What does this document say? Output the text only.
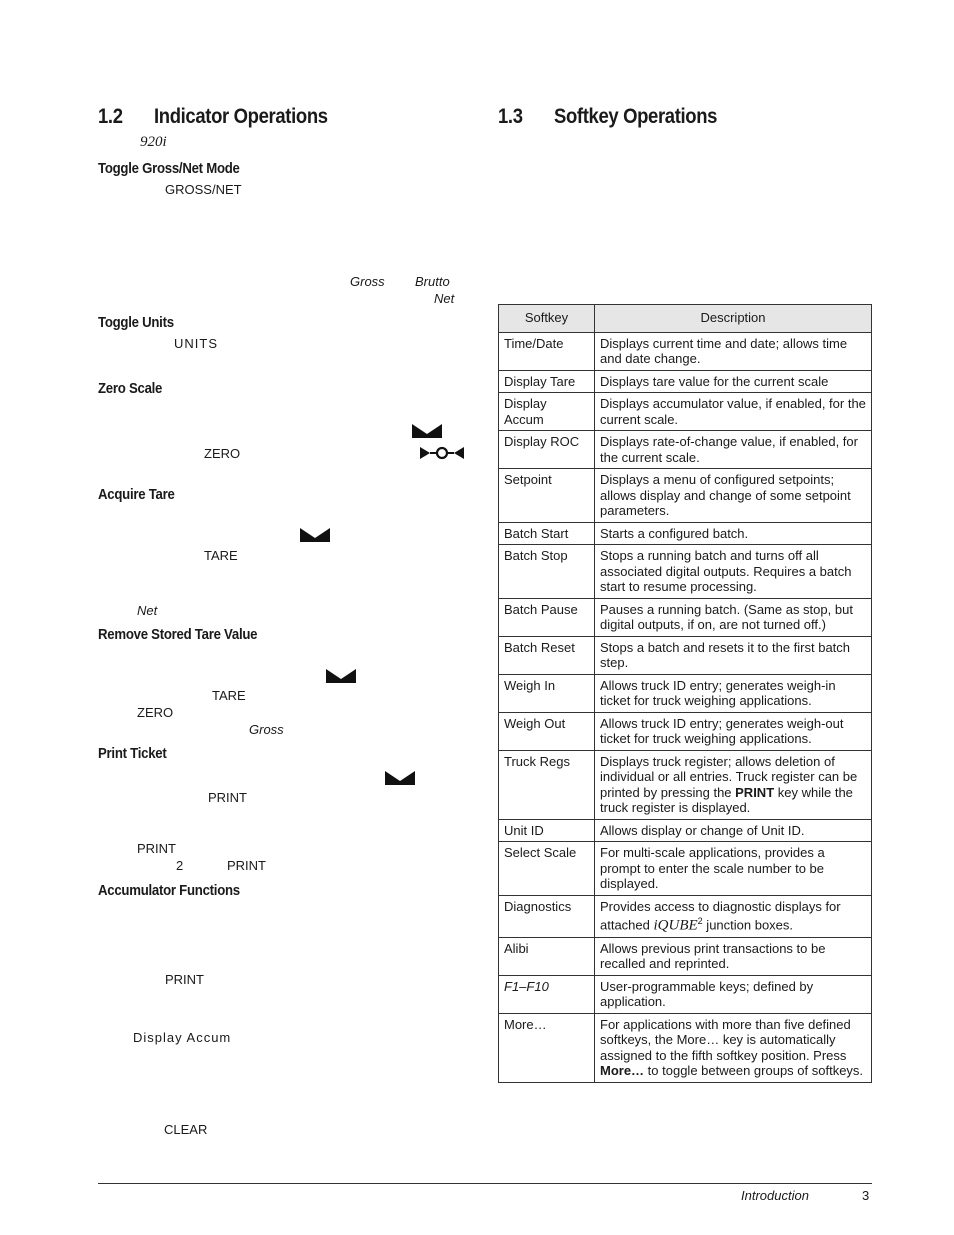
1.2 Indicator Operations
920i
Toggle Gross/Net Mode
GROSS/NET
Gross Brutto
Net
Toggle Units
UNITS
Zero Scale
ZERO
Acquire Tare
TARE
Net
Remove Stored Tare Value
TARE
ZERO
Gross
Print Ticket
PRINT
PRINT
2	PRINT
Accumulator Functions
PRINT
Display Accum
CLEAR
1.3 Softkey Operations
Softkey	Description
Time/Date	Displays current time and date; allows time and date change.
Display Tare	Displays tare value for the current scale
Display Accum	Displays accumulator value, if enabled, for the current scale.
Display ROC	Displays rate-of-change value, if enabled, for the current scale.
Setpoint	Displays a menu of configured setpoints; allows display and change of some setpoint parameters.
Batch Start	Starts a configured batch.
Batch Stop	Stops a running batch and turns off all associated digital outputs. Requires a batch start to resume processing.
Batch Pause	Pauses a running batch. (Same as stop, but digital outputs, if on, are not turned off.)
Batch Reset	Stops a batch and resets it to the first batch step.
Weigh In	Allows truck ID entry; generates weigh-in ticket for truck weighing applications.
Weigh Out	Allows truck ID entry; generates weigh-out ticket for truck weighing applications.
Truck Regs	Displays truck register; allows deletion of individual or all entries. Truck register can be printed by pressing the PRINT key while the truck register is displayed.
Unit ID	Allows display or change of Unit ID.
Select Scale	For multi-scale applications, provides a prompt to enter the scale number to be displayed.
Diagnostics	Provides access to diagnostic displays for attached iQUBE$^2$ junction boxes.
Alibi	Allows previous print transactions to be recalled and reprinted.
F1–F10	User-programmable keys; defined by application.
More…	For applications with more than five defined softkeys, the More… key is automatically assigned to the fifth softkey position. Press More… to toggle between groups of softkeys.
Introduction	3
